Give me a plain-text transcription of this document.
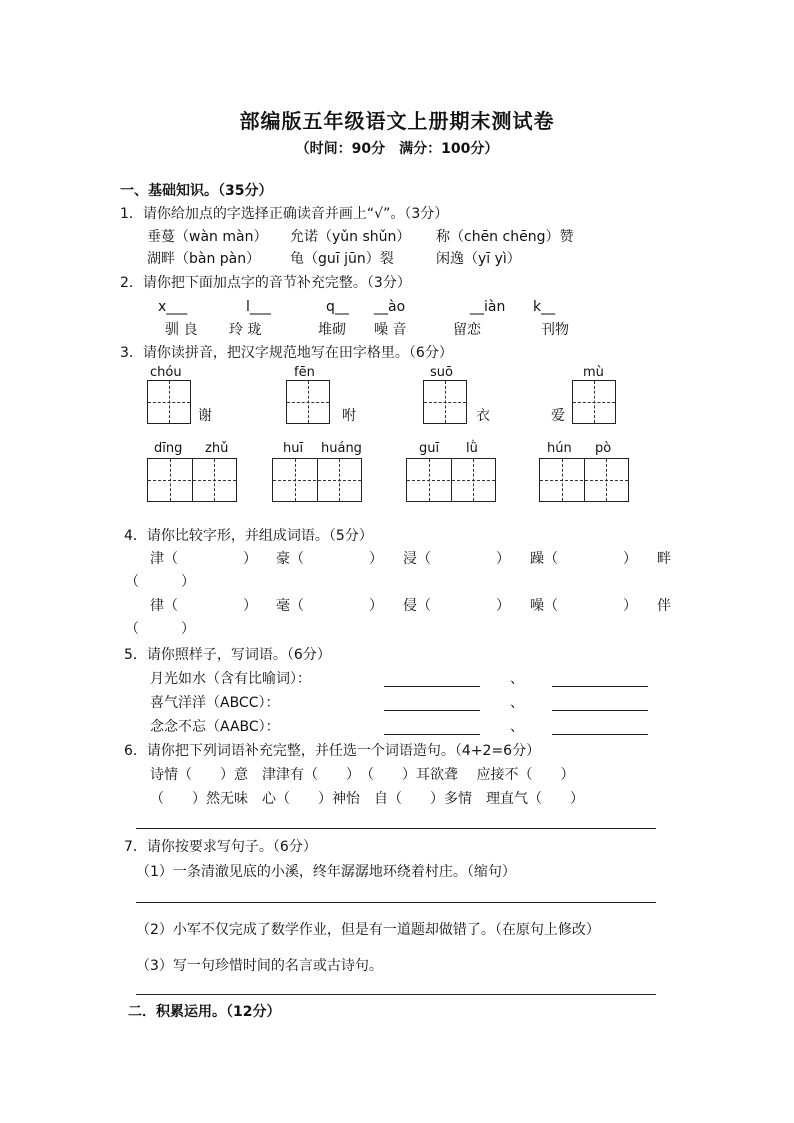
部编版五年级语文上册期末测试卷
（时间：90分　满分：100分）
一、基础知识。（35分）
1．请你给加点的字选择正确读音并画上“√”。（3分）
垂蔓（wàn màn） 允诺（yǔn shǔn） 称（chēn chēng）赞
湖畔（bàn pàn） 龟（guī jūn）裂	闲逸（yī yì）
2．请你把下面加点字的音节补充完整。（3分）
x___	l___	q__ __ào	__iàn k__
驯 良 玲 珑	堆砌 噪 音	留恋	刊物
3．请你读拼音，把汉字规范地写在田字格里。（6分）
chóu
谢
fēn
咐
suō
衣
mù
爱
dīng zhǔ	huī huáng	guī lǜ	hún pò
4．请你比较字形，并组成词语。（5分）
津（	） 豪（	） 浸（	） 躁（	） 畔
（　　　）
律（	） 毫（	） 侵（	） 噪（	） 伴
（　　　）
5．请你照样子，写词语。（6分）
月光如水（含有比喻词）：	、
喜气洋洋（ABCC）：	、
念念不忘（AABC）：	、
6．请你把下列词语补充完整，并任选一个词语造句。（4+2=6分）
诗情（　　）意　津津有（　　）　（　　）耳欲聋　 应接不（　　）
（　　）然无味　心（　　）神怡　自（　　）多情　理直气（　　）
7．请你按要求写句子。（6分）
（1）一条清澈见底的小溪，终年潺潺地环绕着村庄。（缩句）
（2）小军不仅完成了数学作业，但是有一道题却做错了。（在原句上修改）
（3）写一句珍惜时间的名言或古诗句。
二．积累运用。（12分）
